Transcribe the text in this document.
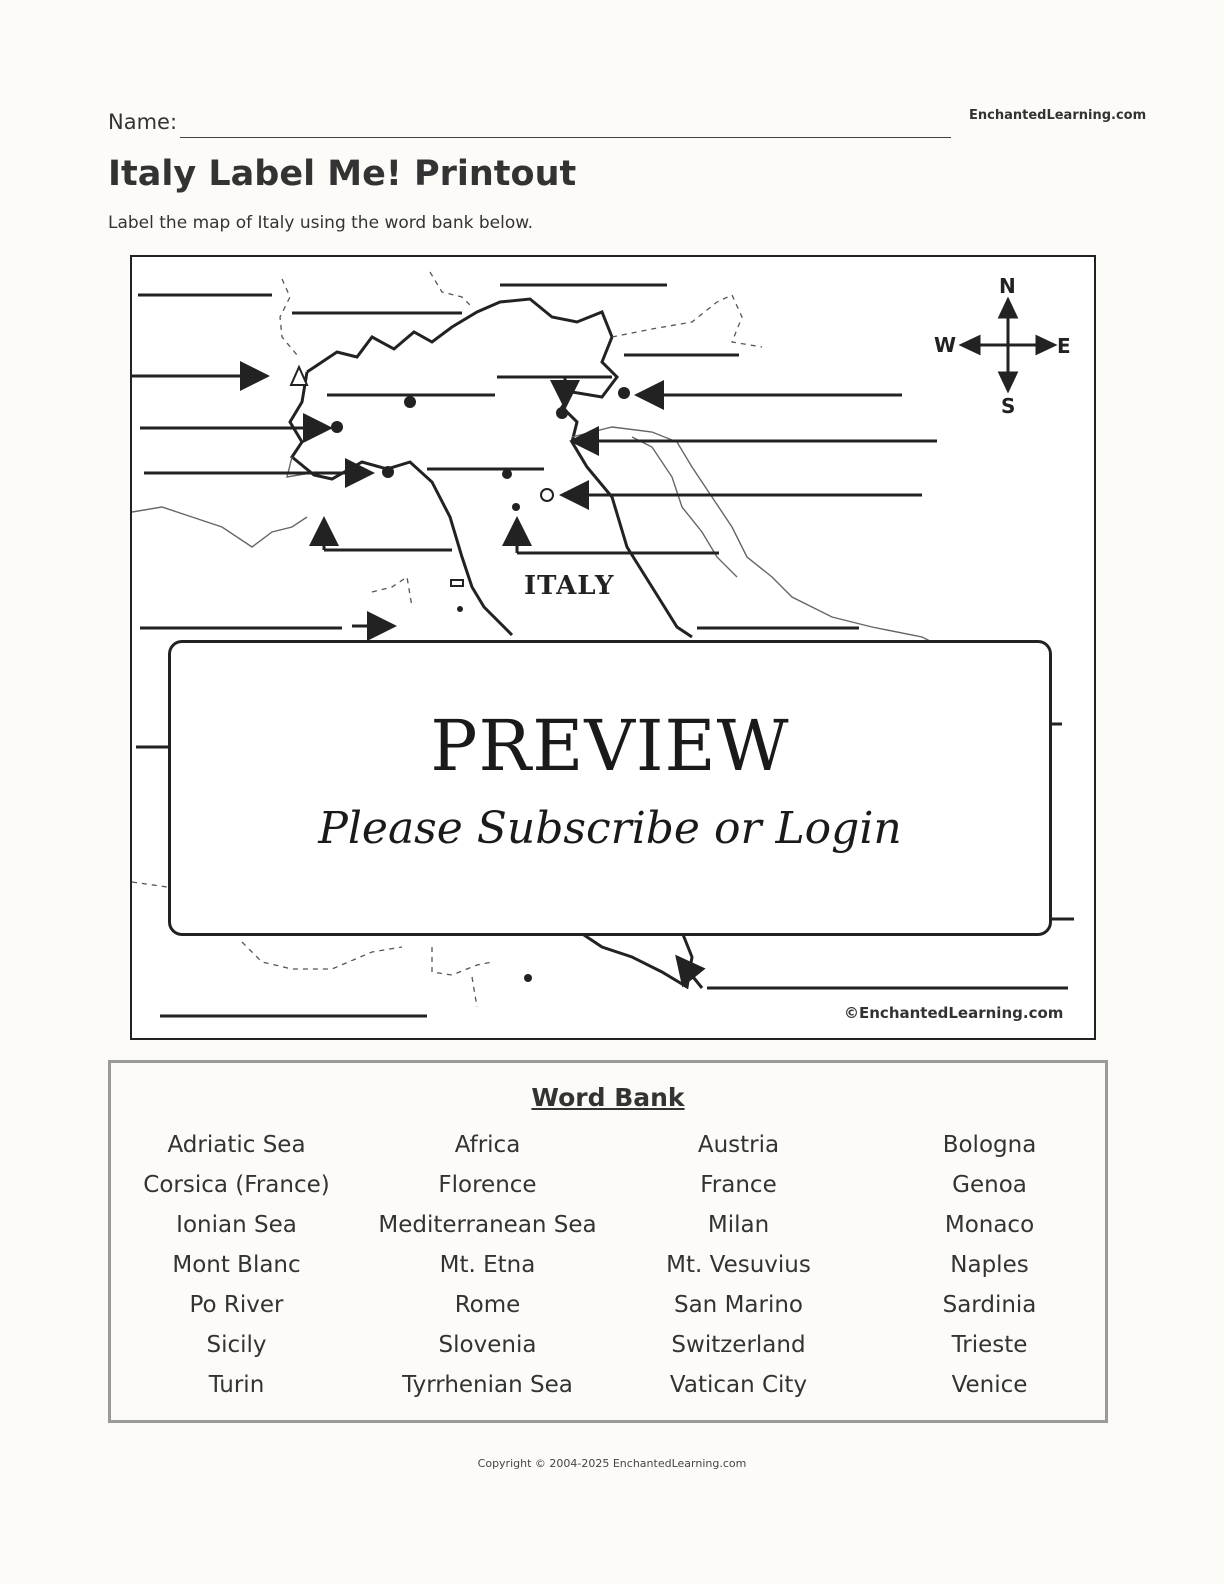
Name:	EnchantedLearning.com
Italy Label Me! Printout
Label the map of Italy using the word bank below.
ITALY
N
S
W	E
PREVIEW
Please Subscribe or Login
©EnchantedLearning.com
Word Bank
Adriatic Sea	Africa	Austria	Bologna
Corsica (France)	Florence	France	Genoa
Ionian Sea	Mediterranean Sea	Milan	Monaco
Mont Blanc	Mt. Etna	Mt. Vesuvius	Naples
Po River	Rome	San Marino	Sardinia
Sicily	Slovenia	Switzerland	Trieste
Turin	Tyrrhenian Sea	Vatican City	Venice
Copyright © 2004-2025 EnchantedLearning.com
